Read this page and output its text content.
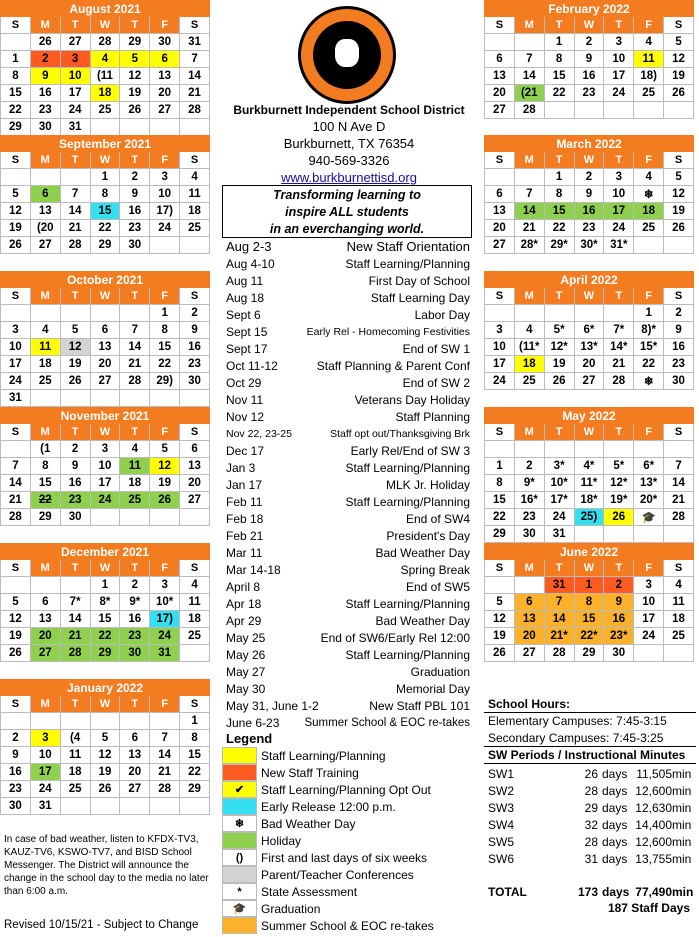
August 2021						
S	M	T	W	T	F	S
	26	27	28	29	30	31
1	2	3	4	5	6	7
8	9	10	(11	12	13	14
15	16	17	18	19	20	21
22	23	24	25	26	27	28
29	30	31				
September 2021						
S	M	T	W	T	F	S
			1	2	3	4
5	6	7	8	9	10	11
12	13	14	15	16	17)	18
19	(20	21	22	23	24	25
26	27	28	29	30		
October 2021						
S	M	T	W	T	F	S
					1	2
3	4	5	6	7	8	9
10	11	12	13	14	15	16
17	18	19	20	21	22	23
24	25	26	27	28	29)	30
31						
November 2021						
S	M	T	W	T	F	S
	(1	2	3	4	5	6
7	8	9	10	11	12	13
14	15	16	17	18	19	20
21	22	23	24	25	26	27
28	29	30				
December 2021						
S	M	T	W	T	F	S
			1	2	3	4
5	6	7*	8*	9*	10*	11
12	13	14	15	16	17)	18
19	20	21	22	23	24	25
26	27	28	29	30	31	
January 2022						
S	M	T	W	T	F	S
						1
2	3	(4	5	6	7	8
9	10	11	12	13	14	15
16	17	18	19	20	21	22
23	24	25	26	27	28	29
30	31					
February 2022						
S	M	T	W	T	F	S
		1	2	3	4	5
6	7	8	9	10	11	12
13	14	15	16	17	18)	19
20	(21	22	23	24	25	26
27	28					
March 2022						
S	M	T	W	T	F	S
		1	2	3	4	5
6	7	8	9	10	❄	12
13	14	15	16	17	18	19
20	21	22	23	24	25	26
27	28*	29*	30*	31*		
April 2022						
S	M	T	W	T	F	S
					1	2
3	4	5*	6*	7*	8)*	9
10	(11*	12*	13*	14*	15*	16
17	18	19	20	21	22	23
24	25	26	27	28	❄	30
May 2022						
S	M	T	W	T	F	S

1	2	3*	4*	5*	6*	7
8	9*	10*	11*	12*	13*	14
15	16*	17*	18*	19*	20*	21
22	23	24	25)	26	🎓	28
29	30	31				
June 2022						
S	M	T	W	T	F	S
		31	1	2	3	4
5	6	7	8	9	10	11
12	13	14	15	16	17	18
19	20	21*	22*	23*	24	25
26	27	28	29	30		
Burkburnett Independent School District
100 N Ave D
Burkburnett, TX 76354
940-569-3326
www.burkburnettisd.org
Transforming learning to
inspire ALL students
in an everchanging world.
Aug 2-3	New Staff Orientation
Aug 4-10	Staff Learning/Planning
Aug 11	First Day of School
Aug 18	Staff Learning Day
Sept 6	Labor Day
Sept 15	Early Rel - Homecoming Festivities
Sept 17	End of SW 1
Oct 11-12	Staff Planning & Parent Conf
Oct 29	End of SW 2
Nov 11	Veterans Day Holiday
Nov 12	Staff Planning
Nov 22, 23-25	Staff opt out/Thanksgiving Brk
Dec 17	Early Rel/End of SW 3
Jan 3	Staff Learning/Planning
Jan 17	MLK Jr. Holiday
Feb 11	Staff Learning/Planning
Feb 18	End of SW4
Feb 21	President's Day
Mar 11	Bad Weather Day
Mar 14-18	Spring Break
April 8	End of SW5
Apr 18	Staff Learning/Planning
Apr 29	Bad Weather Day
May 25	End of SW6/Early Rel 12:00
May 26	Staff Learning/Planning
May 27	Graduation
May 30	Memorial Day
May 31, June 1-2	New Staff PBL 101
June 6-23 Summer School & EOC re-takes
Legend
Staff Learning/Planning
New Staff Training
✔ Staff Learning/Planning Opt Out
Early Release 12:00 p.m.
❄ Bad Weather Day
Holiday
() First and last days of six weeks
Parent/Teacher Conferences
* State Assessment
🎓 Graduation
Summer School & EOC re-takes
School Hours:
Elementary Campuses: 7:45-3:15
Secondary Campuses: 7:45-3:25
SW Periods / Instructional Minutes
SW1	26 days 11,505 min
SW2	28 days 12,600 min
SW3	29 days 12,630 min
SW4	32 days 14,400 min
SW5	28 days 12,600 min
SW6	31 days 13,755 min
TOTAL	173 days 77,490 min
187 Staff Days
In case of bad weather, listen to KFDX-TV3, KAUZ-TV6, KSWO-TV7, and BISD School Messenger. The District will announce the change in the school day to the media no later than 6:00 a.m.
Revised 10/15/21 - Subject to Change
